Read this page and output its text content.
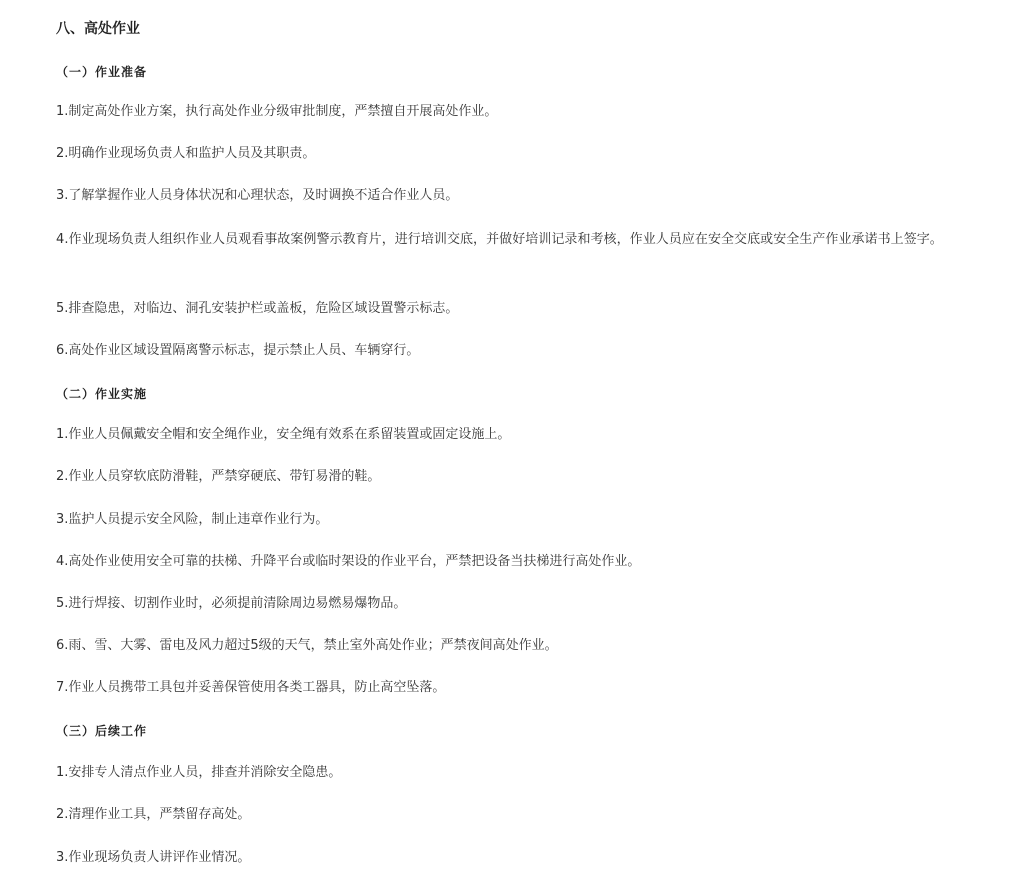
八、高处作业
（一）作业准备

1.制定高处作业方案，执行高处作业分级审批制度，严禁擅自开展高处作业。

2.明确作业现场负责人和监护人员及其职责。

3.了解掌握作业人员身体状况和心理状态，及时调换不适合作业人员。

4.作业现场负责人组织作业人员观看事故案例警示教育片，进行培训交底，并做好培训记录和考核，作业人员应在安全交底或安全生产作业承诺书上签字。

5.排查隐患，对临边、洞孔安装护栏或盖板，危险区域设置警示标志。

6.高处作业区域设置隔离警示标志，提示禁止人员、车辆穿行。

（二）作业实施

1.作业人员佩戴安全帽和安全绳作业，安全绳有效系在系留装置或固定设施上。

2.作业人员穿软底防滑鞋，严禁穿硬底、带钉易滑的鞋。

3.监护人员提示安全风险，制止违章作业行为。

4.高处作业使用安全可靠的扶梯、升降平台或临时架设的作业平台，严禁把设备当扶梯进行高处作业。

5.进行焊接、切割作业时，必须提前清除周边易燃易爆物品。

6.雨、雪、大雾、雷电及风力超过5级的天气，禁止室外高处作业；严禁夜间高处作业。

7.作业人员携带工具包并妥善保管使用各类工器具，防止高空坠落。

（三）后续工作

1.安排专人清点作业人员，排查并消除安全隐患。

2.清理作业工具，严禁留存高处。

3.作业现场负责人讲评作业情况。
